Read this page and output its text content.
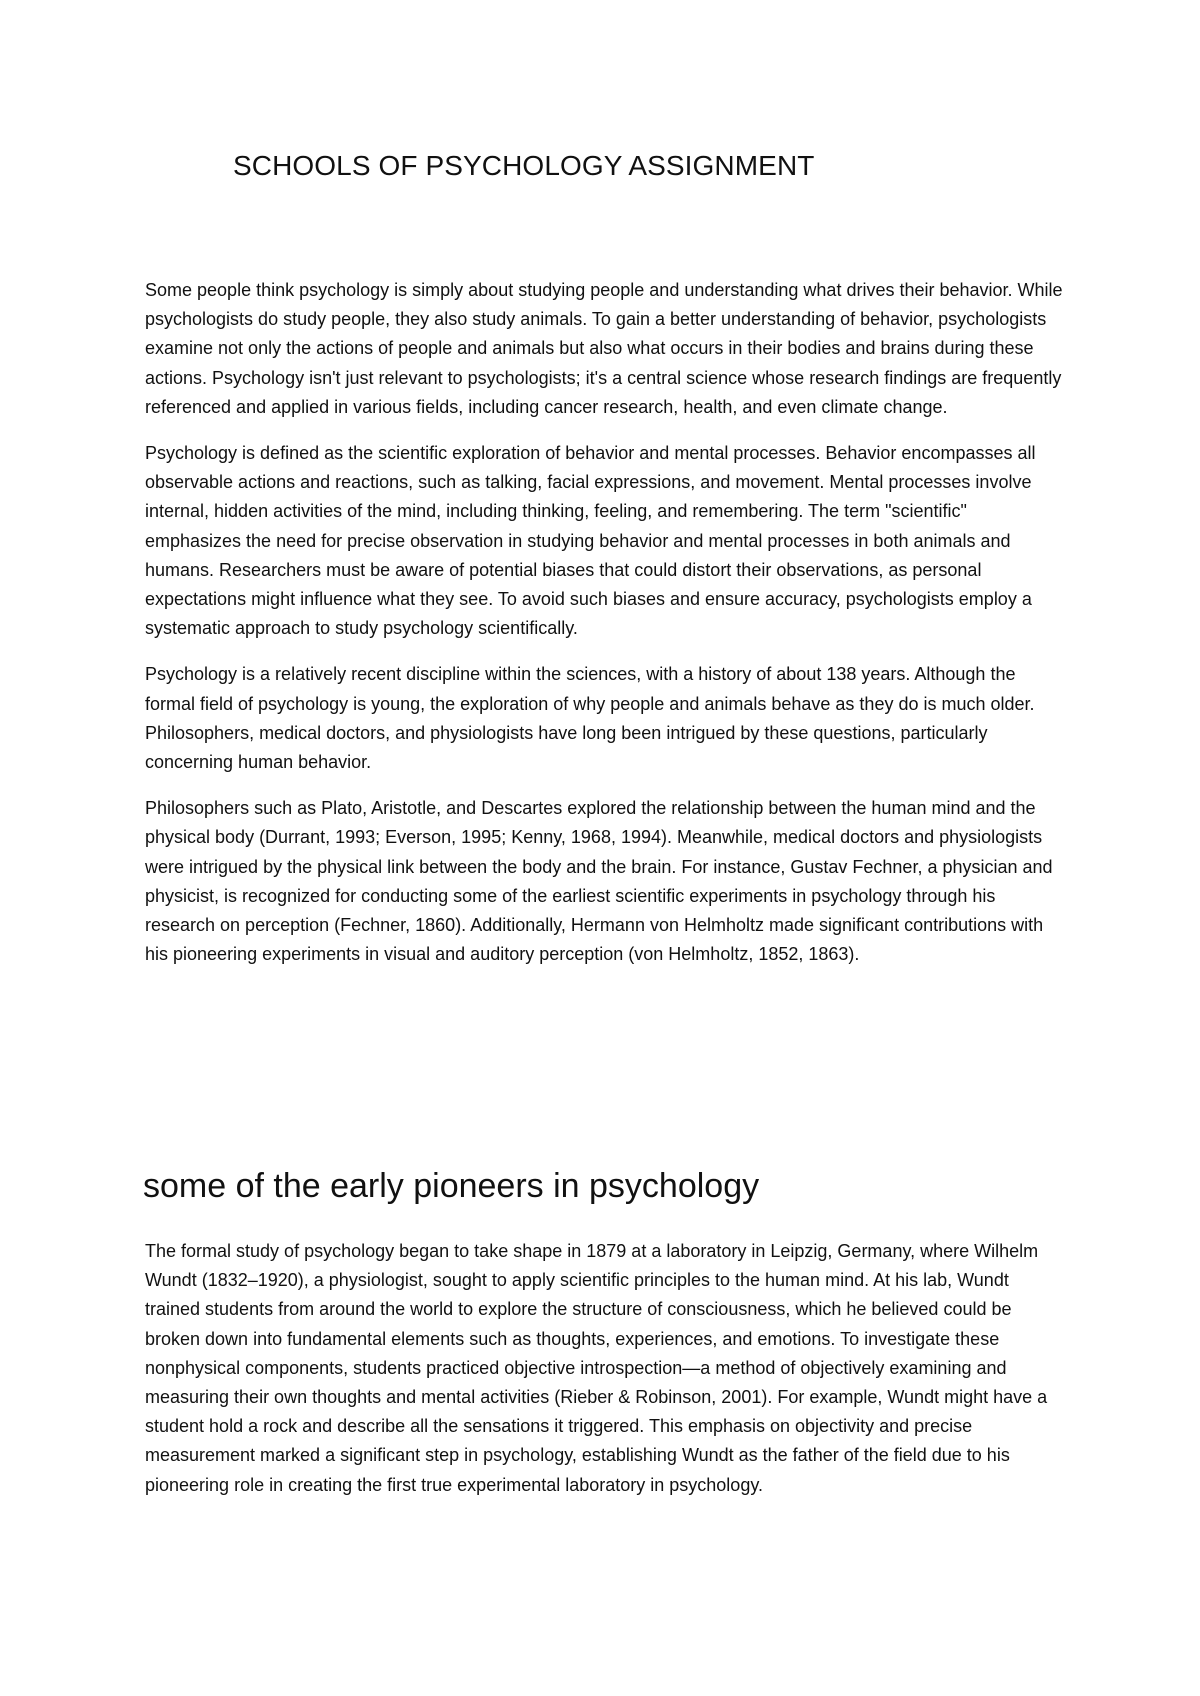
SCHOOLS OF PSYCHOLOGY ASSIGNMENT

Some people think psychology is simply about studying people and understanding what drives their behavior. While psychologists do study people, they also study animals. To gain a better understanding of behavior, psychologists examine not only the actions of people and animals but also what occurs in their bodies and brains during these actions. Psychology isn't just relevant to psychologists; it's a central science whose research findings are frequently referenced and applied in various fields, including cancer research, health, and even climate change.

Psychology is defined as the scientific exploration of behavior and mental processes. Behavior encompasses all observable actions and reactions, such as talking, facial expressions, and movement. Mental processes involve internal, hidden activities of the mind, including thinking, feeling, and remembering. The term "scientific" emphasizes the need for precise observation in studying behavior and mental processes in both animals and humans. Researchers must be aware of potential biases that could distort their observations, as personal expectations might influence what they see. To avoid such biases and ensure accuracy, psychologists employ a systematic approach to study psychology scientifically.

Psychology is a relatively recent discipline within the sciences, with a history of about 138 years. Although the formal field of psychology is young, the exploration of why people and animals behave as they do is much older. Philosophers, medical doctors, and physiologists have long been intrigued by these questions, particularly concerning human behavior.

Philosophers such as Plato, Aristotle, and Descartes explored the relationship between the human mind and the physical body (Durrant, 1993; Everson, 1995; Kenny, 1968, 1994). Meanwhile, medical doctors and physiologists were intrigued by the physical link between the body and the brain. For instance, Gustav Fechner, a physician and physicist, is recognized for conducting some of the earliest scientific experiments in psychology through his research on perception (Fechner, 1860). Additionally, Hermann von Helmholtz made significant contributions with his pioneering experiments in visual and auditory perception (von Helmholtz, 1852, 1863).

some of the early pioneers in psychology

The formal study of psychology began to take shape in 1879 at a laboratory in Leipzig, Germany, where Wilhelm Wundt (1832–1920), a physiologist, sought to apply scientific principles to the human mind. At his lab, Wundt trained students from around the world to explore the structure of consciousness, which he believed could be broken down into fundamental elements such as thoughts, experiences, and emotions. To investigate these nonphysical components, students practiced objective introspection—a method of objectively examining and measuring their own thoughts and mental activities (Rieber & Robinson, 2001). For example, Wundt might have a student hold a rock and describe all the sensations it triggered. This emphasis on objectivity and precise measurement marked a significant step in psychology, establishing Wundt as the father of the field due to his pioneering role in creating the first true experimental laboratory in psychology.
